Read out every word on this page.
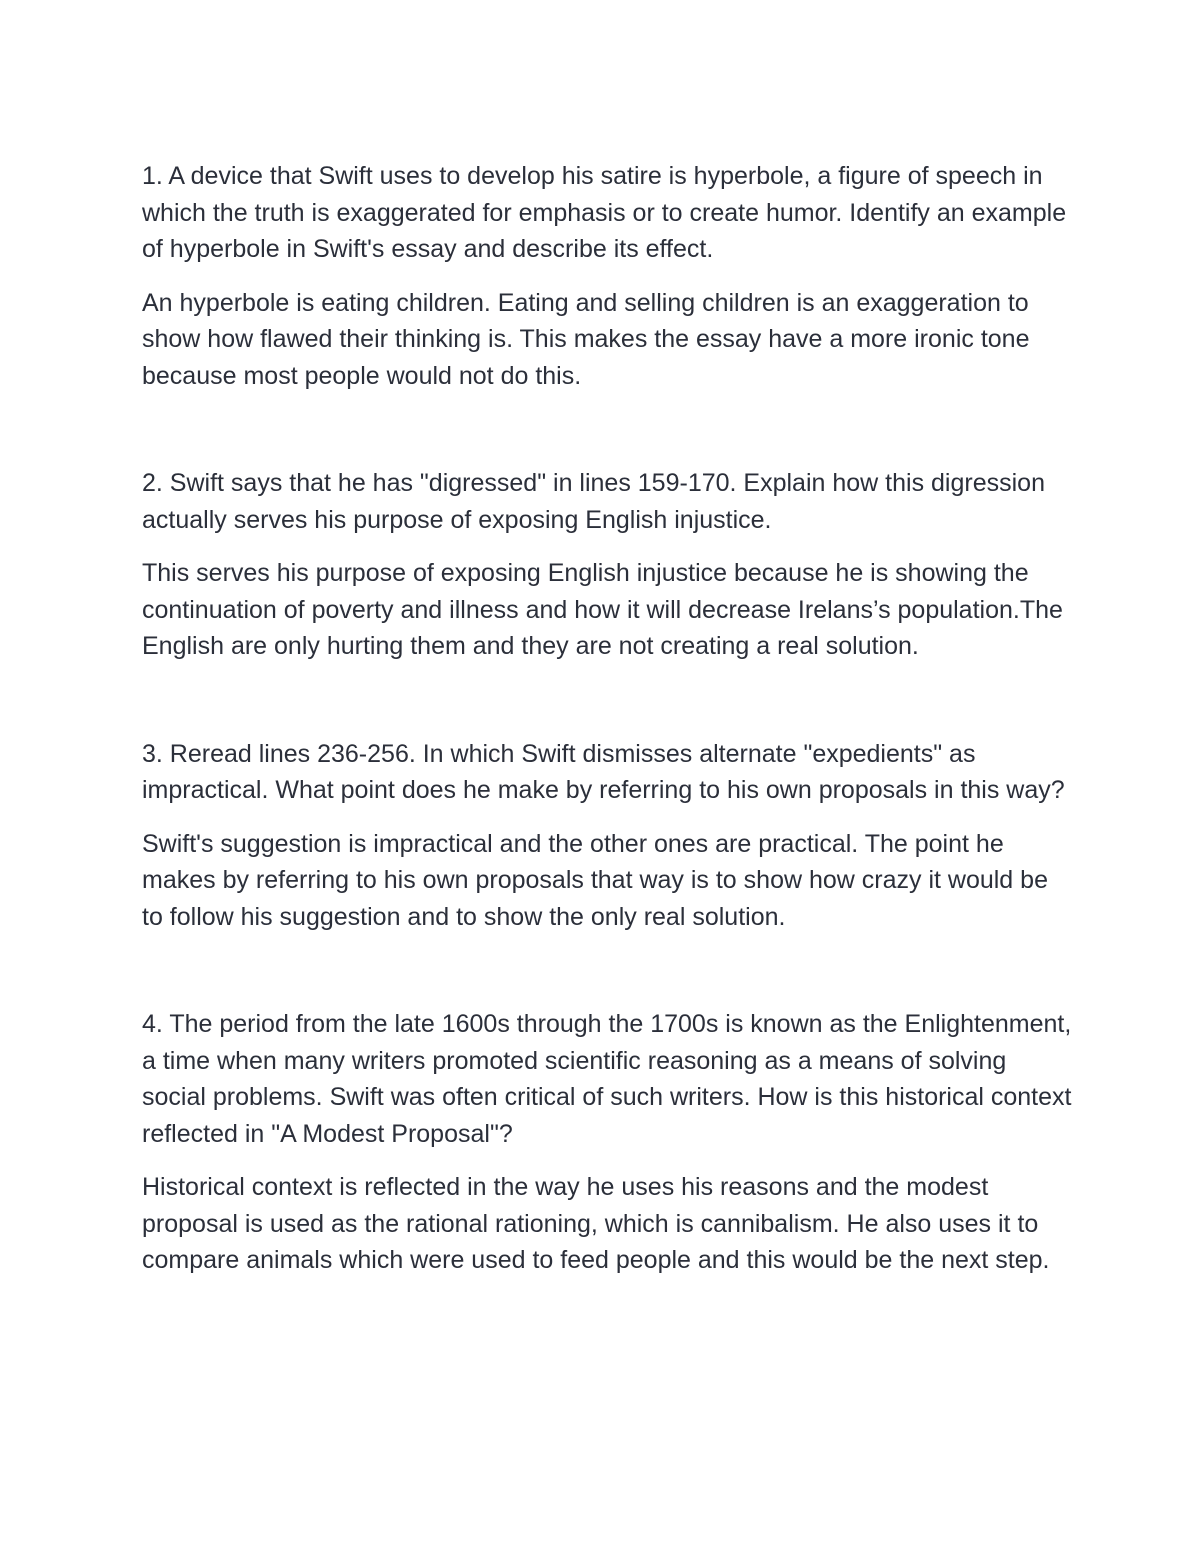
1. A device that Swift uses to develop his satire is hyperbole, a figure of speech in which the truth is exaggerated for emphasis or to create humor. Identify an example of hyperbole in Swift's essay and describe its effect.

An hyperbole is eating children. Eating and selling children is an exaggeration to show how flawed their thinking is. This makes the essay have a more ironic tone because most people would not do this.

2. Swift says that he has "digressed" in lines 159-170. Explain how this digression actually serves his purpose of exposing English injustice.

This serves his purpose of exposing English injustice because he is showing the continuation of poverty and illness and how it will decrease Irelans’s population.The English are only hurting them and they are not creating a real solution.

3. Reread lines 236-256. In which Swift dismisses alternate "expedients" as impractical. What point does he make by referring to his own proposals in this way?

Swift's suggestion is impractical and the other ones are practical. The point he makes by referring to his own proposals that way is to show how crazy it would be to follow his suggestion and to show the only real solution.

4. The period from the late 1600s through the 1700s is known as the Enlightenment, a time when many writers promoted scientific reasoning as a means of solving social problems. Swift was often critical of such writers. How is this historical context reflected in "A Modest Proposal"?

Historical context is reflected in the way he uses his reasons and the modest proposal is used as the rational rationing, which is cannibalism. He also uses it to compare animals which were used to feed people and this would be the next step.
